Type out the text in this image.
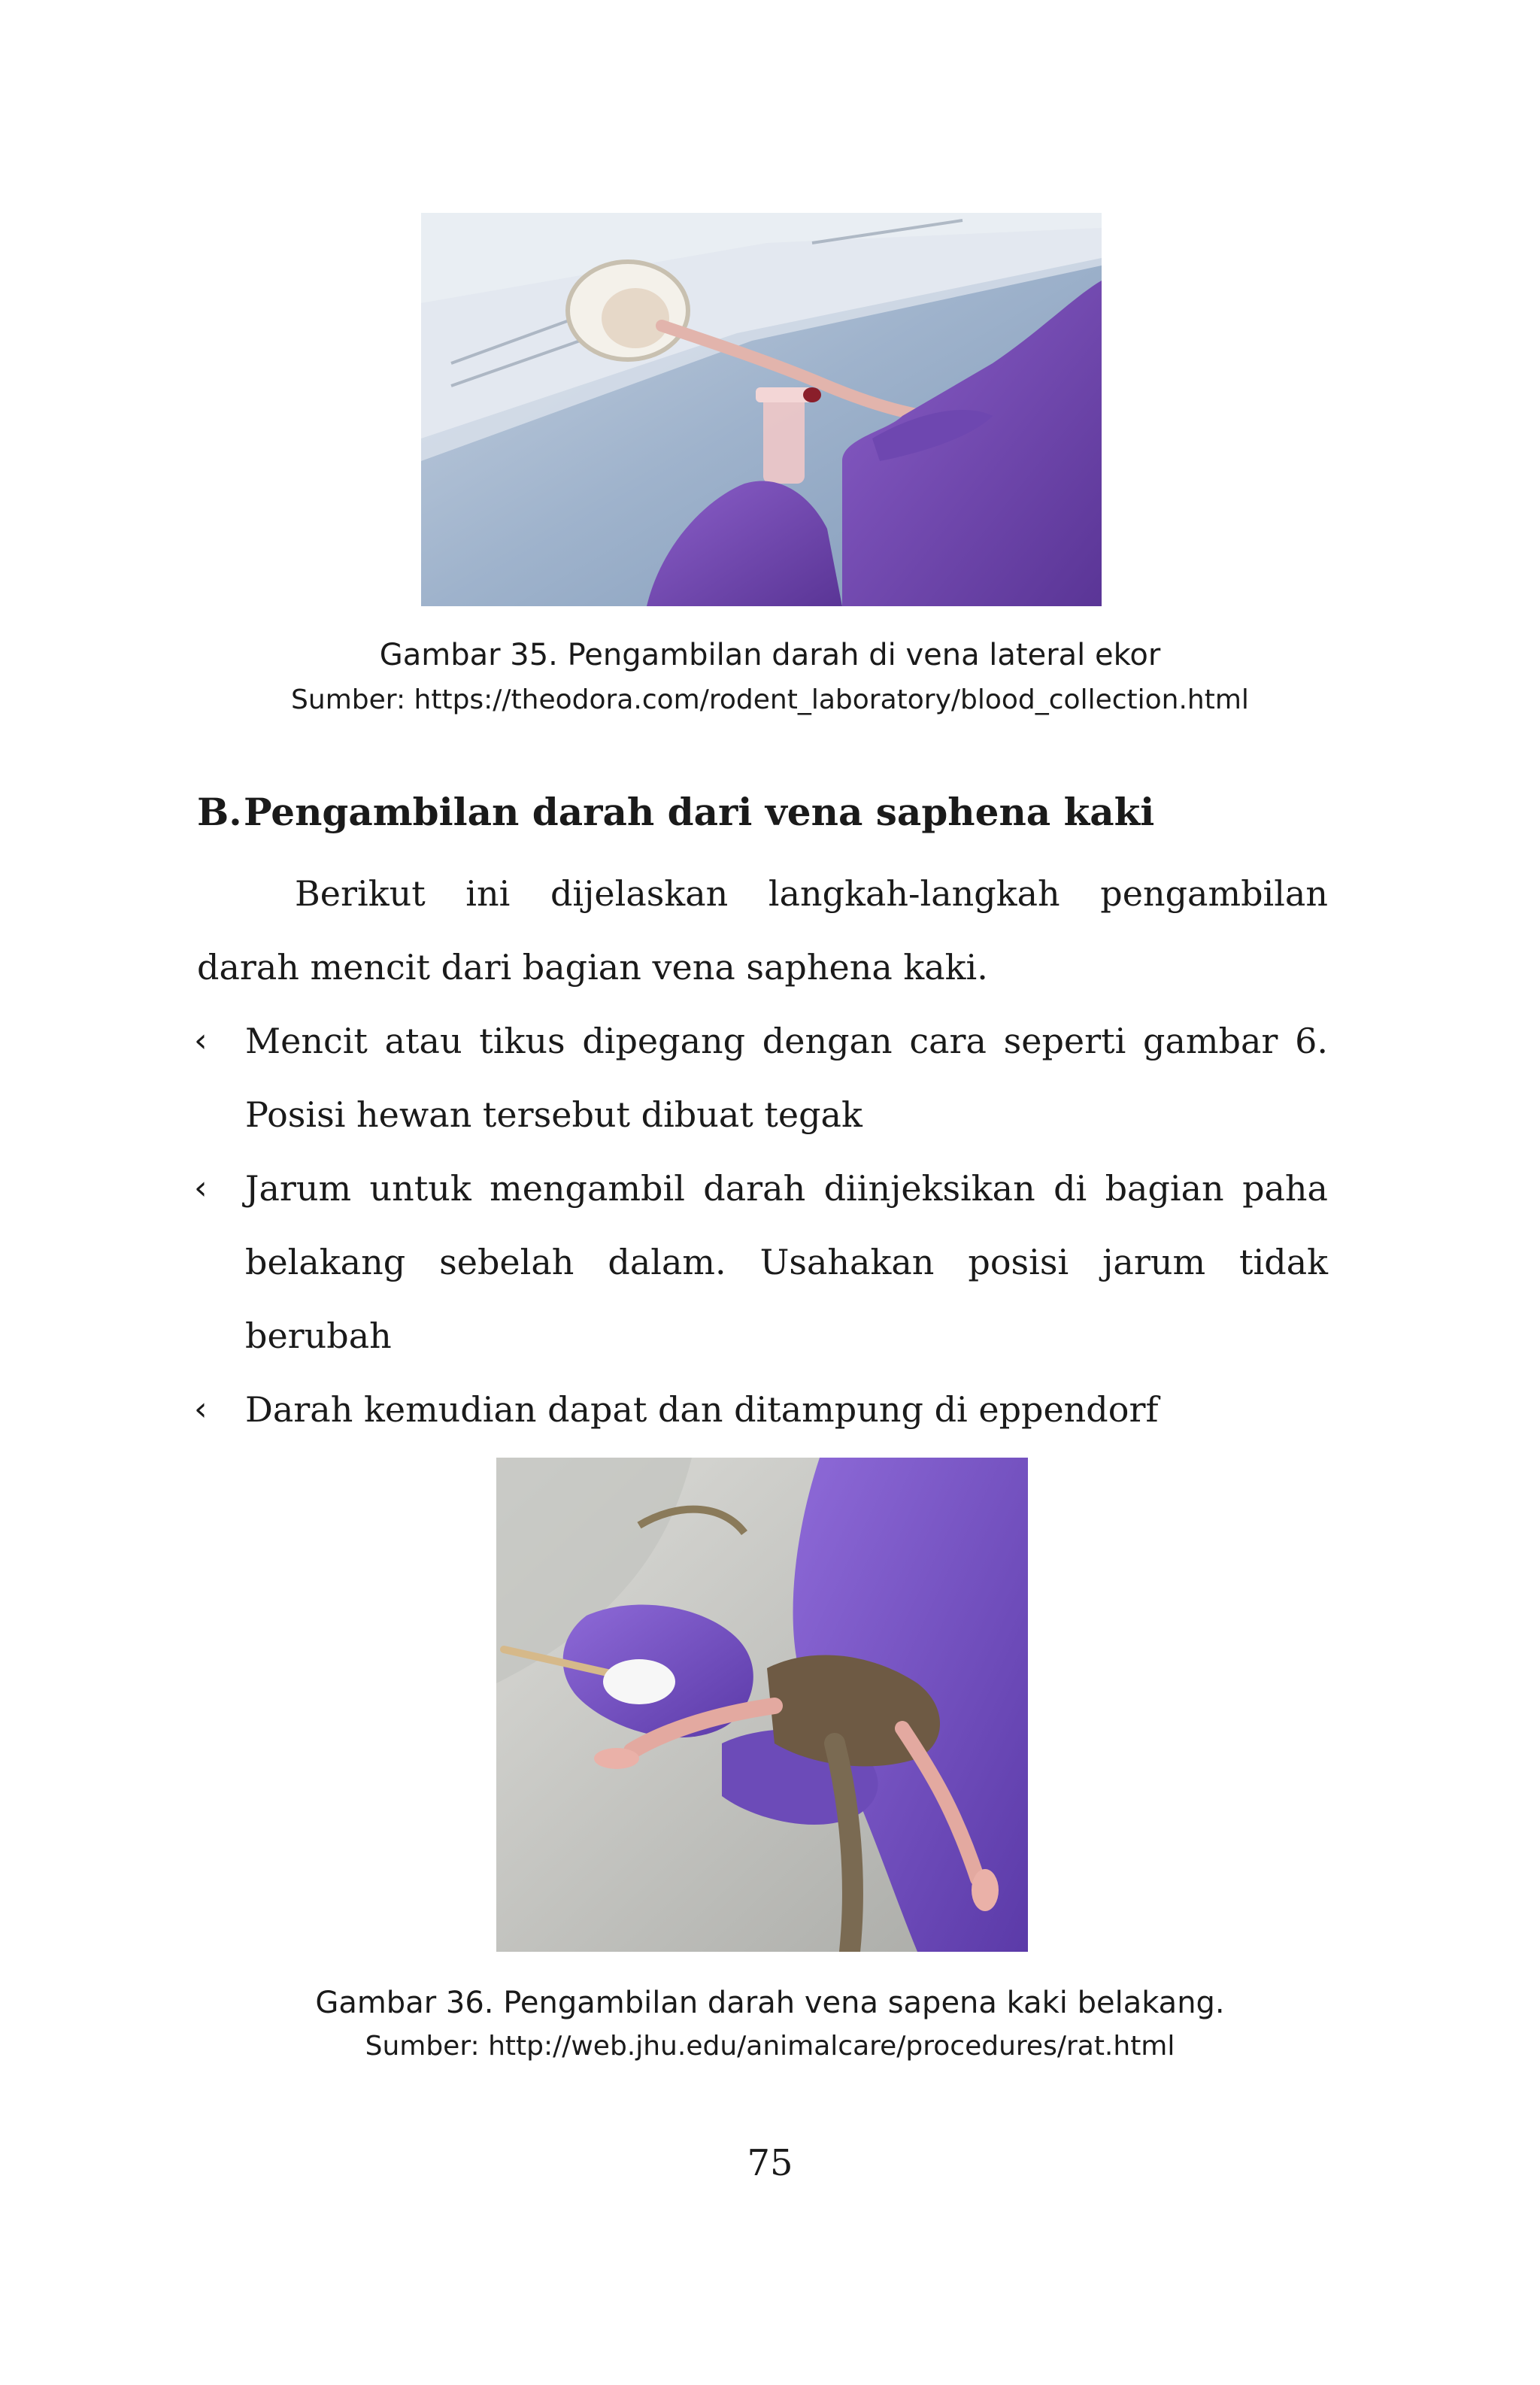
Gambar 35. Pengambilan darah di vena lateral ekor
Sumber: https://theodora.com/rodent_laboratory/blood_collection.html
B.Pengambilan darah dari vena saphena kaki
Berikut ini dijelaskan langkah-langkah pengambilan
darah mencit dari bagian vena saphena kaki.
‹ Mencit atau tikus dipegang dengan cara seperti gambar 6.
Posisi hewan tersebut dibuat tegak
‹ Jarum untuk mengambil darah diinjeksikan di bagian paha
belakang sebelah dalam. Usahakan posisi jarum tidak
berubah
‹ Darah kemudian dapat dan ditampung di eppendorf
Gambar 36. Pengambilan darah vena sapena kaki belakang.
Sumber: http://web.jhu.edu/animalcare/procedures/rat.html
75
